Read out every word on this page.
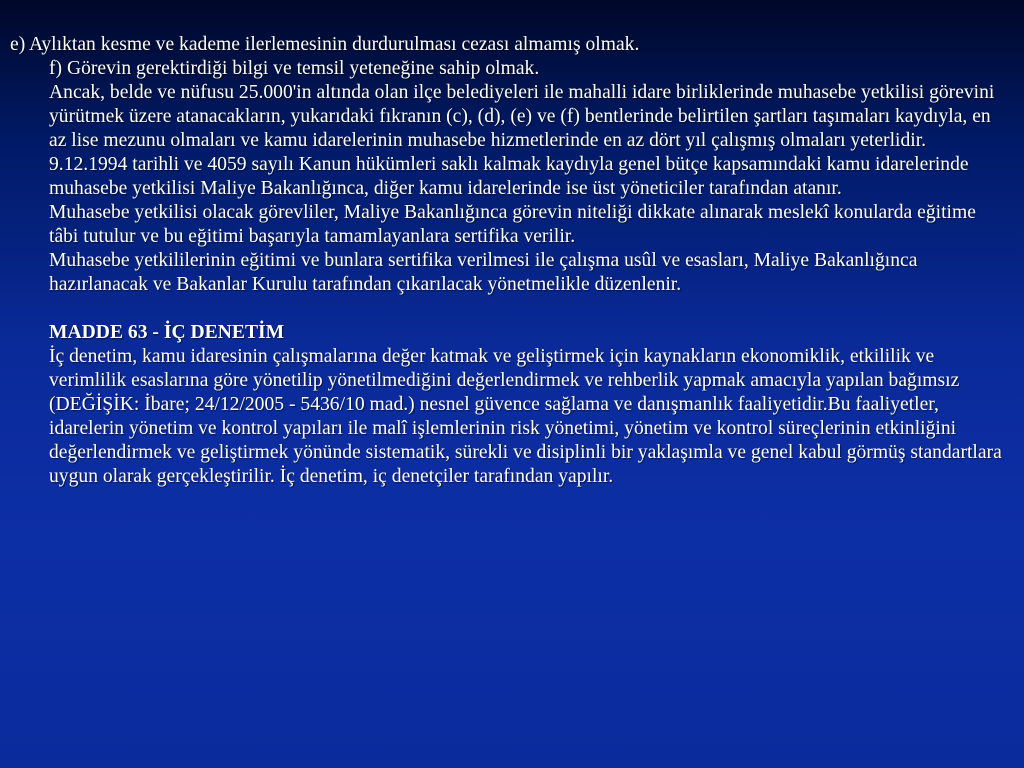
e) Aylıktan kesme ve kademe ilerlemesinin durdurulması cezası almamış olmak.

f) Görevin gerektirdiği bilgi ve temsil yeteneğine sahip olmak.

Ancak, belde ve nüfusu 25.000'in altında olan ilçe belediyeleri ile mahalli idare birliklerinde muhasebe yetkilisi görevini yürütmek üzere atanacakların, yukarıdaki fıkranın (c), (d), (e) ve (f) bentlerinde belirtilen şartları taşımaları kaydıyla, en az lise mezunu olmaları ve kamu idarelerinin muhasebe hizmetlerinde en az dört yıl çalışmış olmaları yeterlidir.

9.12.1994 tarihli ve 4059 sayılı Kanun hükümleri saklı kalmak kaydıyla genel bütçe kapsamındaki kamu idarelerinde muhasebe yetkilisi Maliye Bakanlığınca, diğer kamu idarelerinde ise üst yöneticiler tarafından atanır.

Muhasebe yetkilisi olacak görevliler, Maliye Bakanlığınca görevin niteliği dikkate alınarak meslekî konularda eğitime tâbi tutulur ve bu eğitimi başarıyla tamamlayanlara sertifika verilir.

Muhasebe yetkililerinin eğitimi ve bunlara sertifika verilmesi ile çalışma usûl ve esasları, Maliye Bakanlığınca hazırlanacak ve Bakanlar Kurulu tarafından çıkarılacak yönetmelikle düzenlenir.

MADDE 63 - İÇ DENETİM

İç denetim, kamu idaresinin çalışmalarına değer katmak ve geliştirmek için kaynakların ekonomiklik, etkililik ve verimlilik esaslarına göre yönetilip yönetilmediğini değerlendirmek ve rehberlik yapmak amacıyla yapılan bağımsız (DEĞİŞİK: İbare; 24/12/2005 - 5436/10 mad.) nesnel güvence sağlama ve danışmanlık faaliyetidir.Bu faaliyetler, idarelerin yönetim ve kontrol yapıları ile malî işlemlerinin risk yönetimi, yönetim ve kontrol süreçlerinin etkinliğini değerlendirmek ve geliştirmek yönünde sistematik, sürekli ve disiplinli bir yaklaşımla ve genel kabul görmüş standartlara uygun olarak gerçekleştirilir. İç denetim, iç denetçiler tarafından yapılır.
